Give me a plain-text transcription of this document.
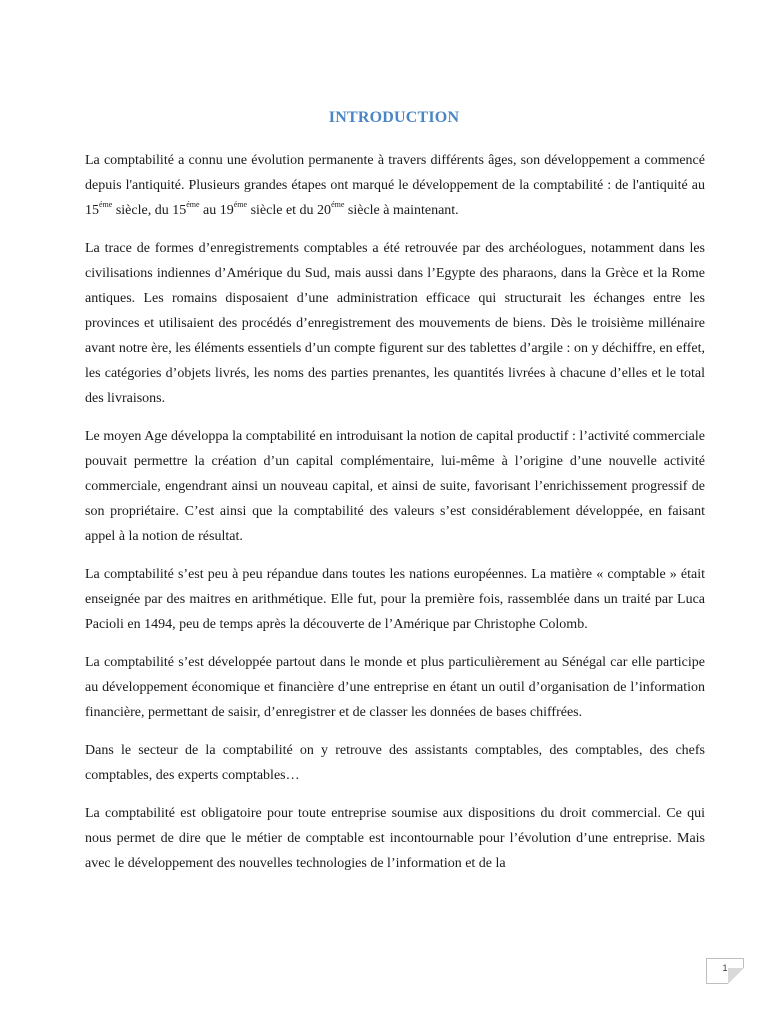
INTRODUCTION

La comptabilité a connu une évolution permanente à travers différents âges, son développement a commencé depuis l'antiquité. Plusieurs grandes étapes ont marqué le développement de la comptabilité : de l'antiquité au $15^{éme}$ siècle, du $15^{éme}$ au $19^{éme}$ siècle et du $20^{éme}$ siècle à maintenant.

La trace de formes d’enregistrements comptables a été retrouvée par des archéologues, notamment dans les civilisations indiennes d’Amérique du Sud, mais aussi dans l’Egypte des pharaons, dans la Grèce et la Rome antiques. Les romains disposaient d’une administration efficace qui structurait les échanges entre les provinces et utilisaient des procédés d’enregistrement des mouvements de biens. Dès le troisième millénaire avant notre ère, les éléments essentiels d’un compte figurent sur des tablettes d’argile : on y déchiffre, en effet, les catégories d’objets livrés, les noms des parties prenantes, les quantités livrées à chacune d’elles et le total des livraisons.

Le moyen Age développa la comptabilité en introduisant la notion de capital productif : l’activité commerciale pouvait permettre la création d’un capital complémentaire, lui-même à l’origine d’une nouvelle activité commerciale, engendrant ainsi un nouveau capital, et ainsi de suite, favorisant l’enrichissement progressif de son propriétaire. C’est ainsi que la comptabilité des valeurs s’est considérablement développée, en faisant appel à la notion de résultat.

La comptabilité s’est peu à peu répandue dans toutes les nations européennes. La matière « comptable » était enseignée par des maitres en arithmétique. Elle fut, pour la première fois, rassemblée dans un traité par Luca Pacioli en 1494, peu de temps après la découverte de l’Amérique par Christophe Colomb.

La comptabilité s’est développée partout dans le monde et plus particulièrement au Sénégal car elle participe au développement économique et financière d’une entreprise en étant un outil d’organisation de l’information financière, permettant de saisir, d’enregistrer et de classer les données de bases chiffrées.

Dans le secteur de la comptabilité on y retrouve des assistants comptables, des comptables, des chefs comptables, des experts comptables…

La comptabilité est obligatoire pour toute entreprise soumise aux dispositions du droit commercial. Ce qui nous permet de dire que le métier de comptable est incontournable pour l’évolution d’une entreprise. Mais avec le développement des nouvelles technologies de l’information et de la

1
